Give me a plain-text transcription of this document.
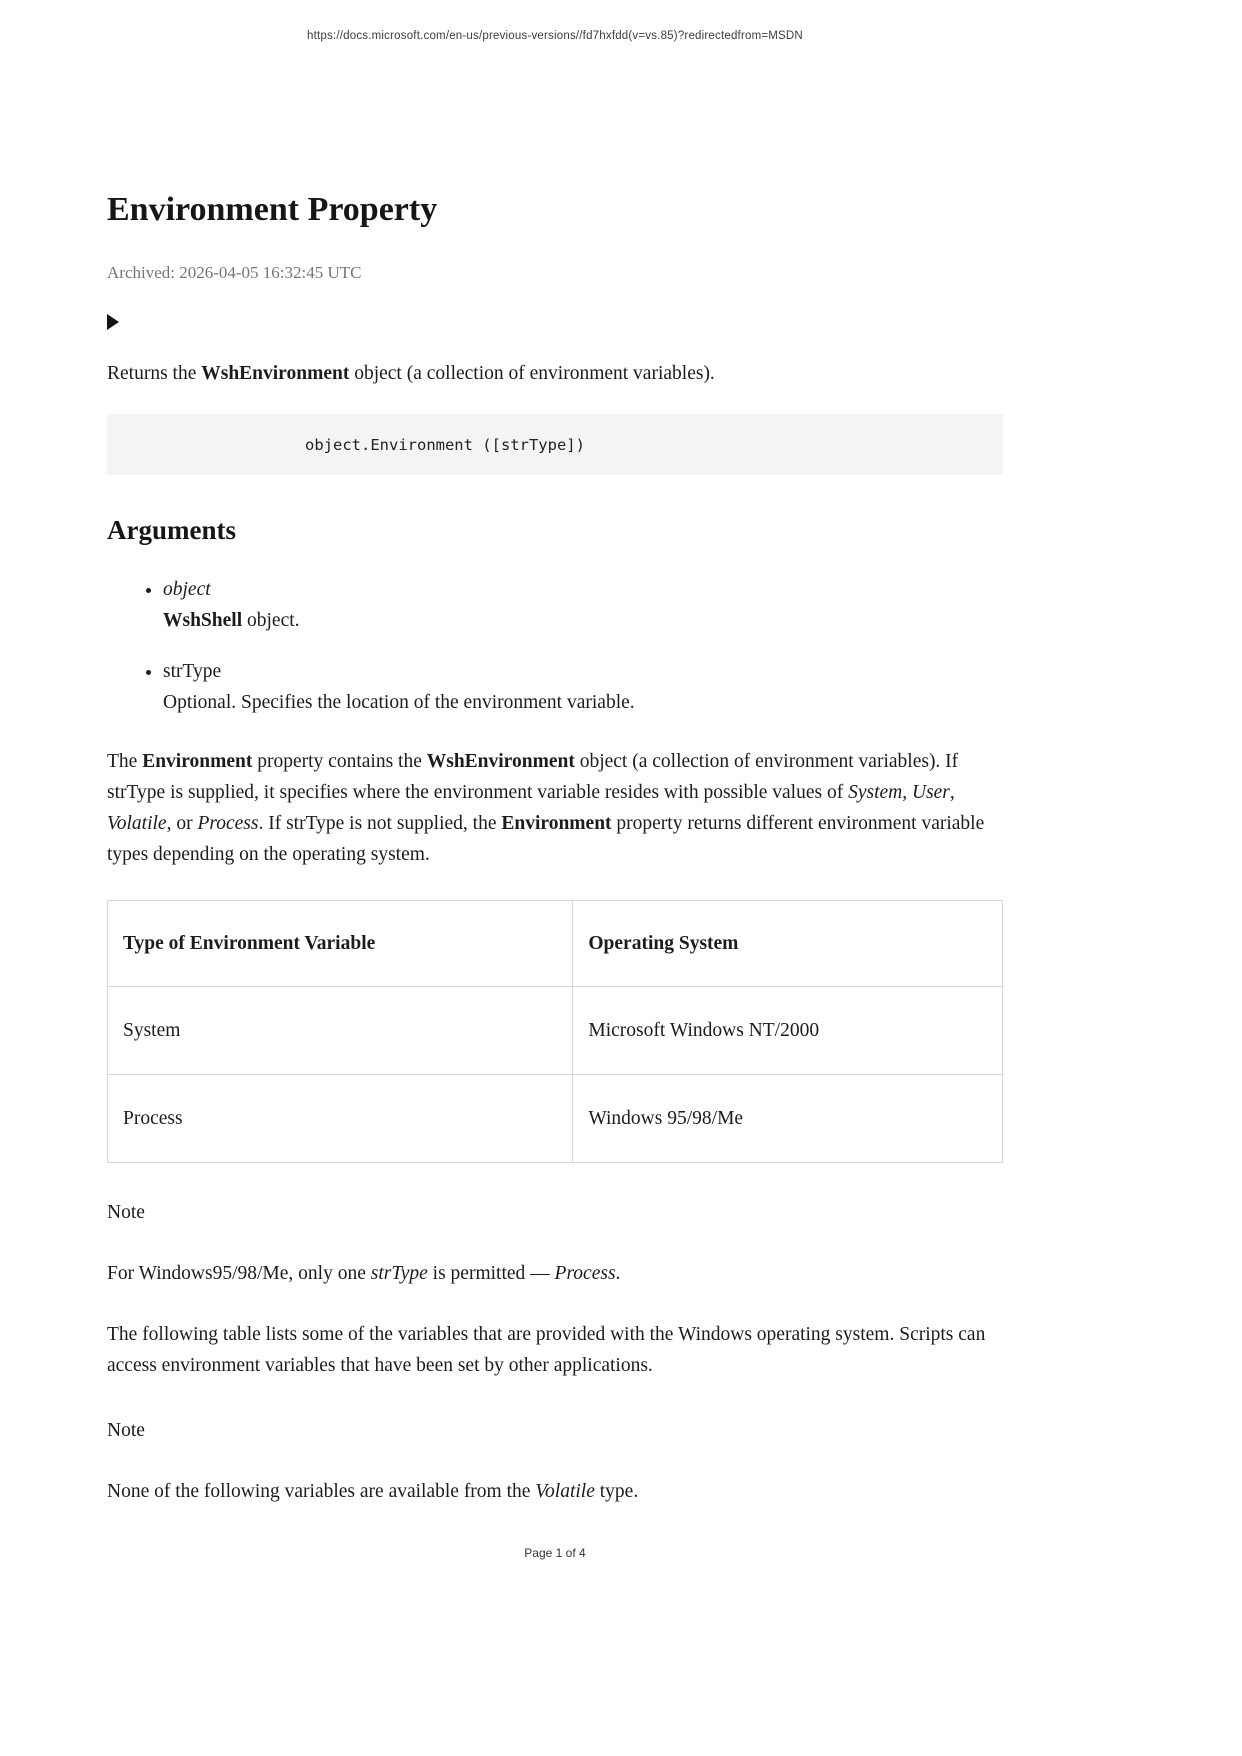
https://docs.microsoft.com/en-us/previous-versions//fd7hxfdd(v=vs.85)?redirectedfrom=MSDN
Environment Property
Archived: 2026-04-05 16:32:45 UTC

Returns the WshEnvironment object (a collection of environment variables).

object.Environment ([strType])
Arguments
• object
WshShell object.
• strType
Optional. Specifies the location of the environment variable.

The Environment property contains the WshEnvironment object (a collection of environment variables). If strType is supplied, it specifies where the environment variable resides with possible values of System, User, Volatile, or Process. If strType is not supplied, the Environment property returns different environment variable types depending on the operating system.

Type of Environment Variable	Operating System
System	Microsoft Windows NT/2000
Process	Windows 95/98/Me

Note

For Windows95/98/Me, only one strType is permitted — Process.

The following table lists some of the variables that are provided with the Windows operating system. Scripts can access environment variables that have been set by other applications.

Note

None of the following variables are available from the Volatile type.

Page 1 of 4
